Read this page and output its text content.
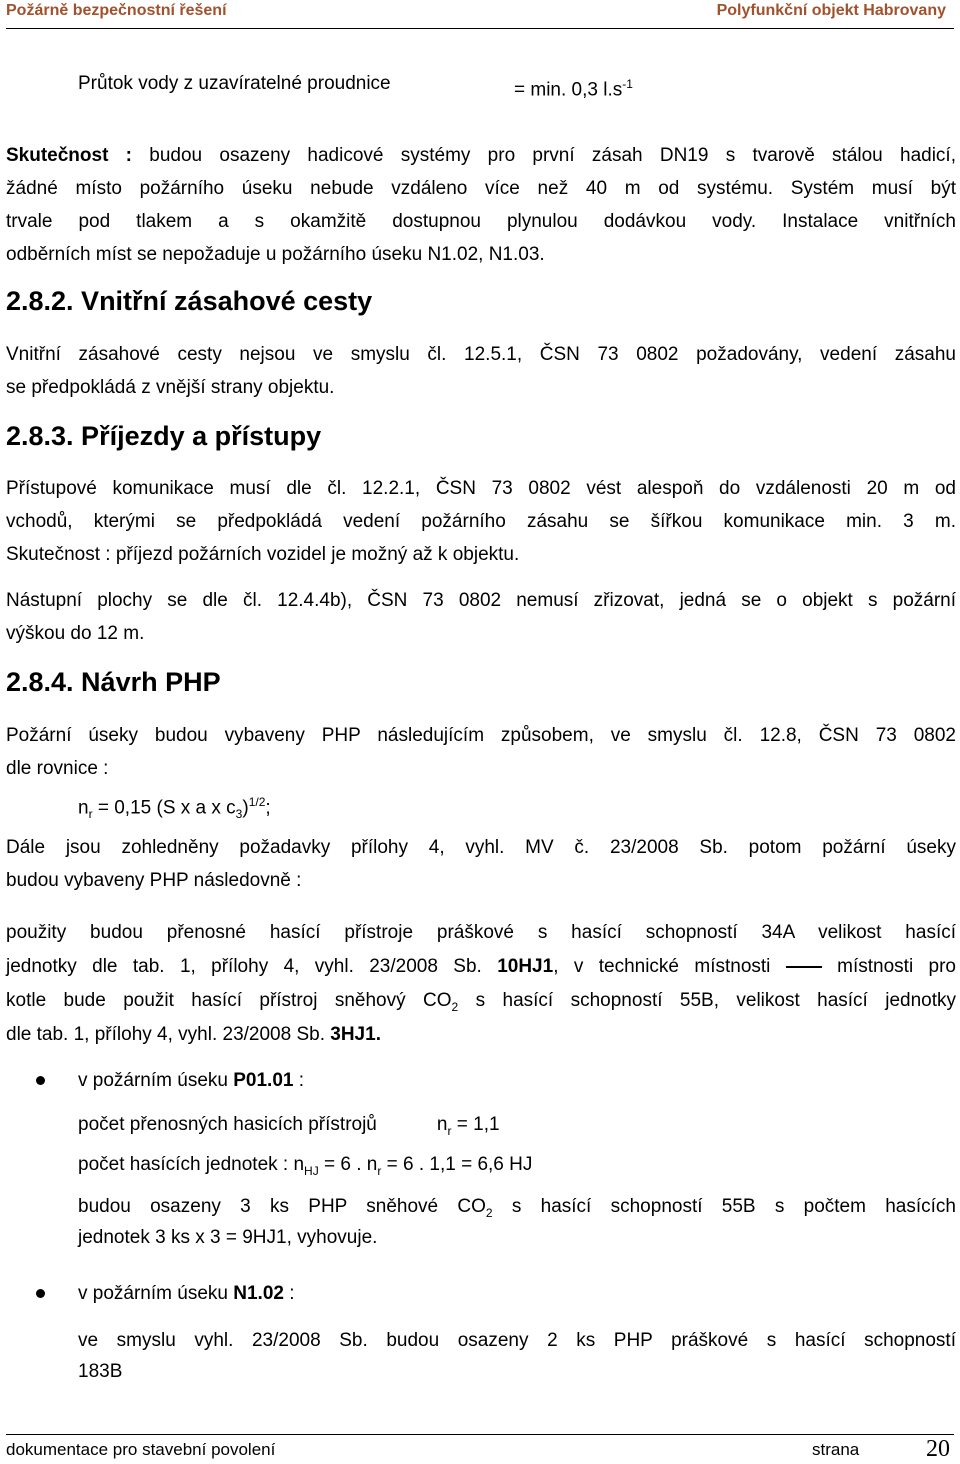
Požárně bezpečnostní řešení	Polyfunkční objekt Habrovany
Průtok vody z uzavíratelné proudnice	= min. 0,3 $l.s^{-1}$
Skutečnost : budou osazeny hadicové systémy pro první zásah DN19 s tvarově stálou hadicí,
žádné místo požárního úseku nebude vzdáleno více než 40 m od systému. Systém musí být
trvale pod tlakem a s okamžitě dostupnou plynulou dodávkou vody. Instalace vnitřních
odběrních míst se nepožaduje u požárního úseku N1.02, N1.03.
2.8.2. Vnitřní zásahové cesty
Vnitřní zásahové cesty nejsou ve smyslu čl. 12.5.1, ČSN 73 0802 požadovány, vedení zásahu
se předpokládá z vnější strany objektu.
2.8.3. Příjezdy a přístupy
Přístupové komunikace musí dle čl. 12.2.1, ČSN 73 0802 vést alespoň do vzdálenosti 20 m od
vchodů, kterými se předpokládá vedení požárního zásahu se šířkou komunikace min. 3 m.
Skutečnost : příjezd požárních vozidel je možný až k objektu.
Nástupní plochy se dle čl. 12.4.4b), ČSN 73 0802 nemusí zřizovat, jedná se o objekt s požární
výškou do 12 m.
2.8.4. Návrh PHP
Požární úseky budou vybaveny PHP následujícím způsobem, ve smyslu čl. 12.8, ČSN 73 0802
dle rovnice :
$n_r = 0,15$ (S x a x $c_3)^{1/2}$;
Dále jsou zohledněny požadavky přílohy 4, vyhl. MV č. 23/2008 Sb. potom požární úseky
budou vybaveny PHP následovně :
použity budou přenosné hasící přístroje práškové s hasící schopností 34A velikost hasící
jednotky dle tab. 1, přílohy 4, vyhl. 23/2008 Sb. 10HJ1, v technické místnosti  místnosti pro
kotle bude použit hasící přístroj sněhový $CO_2$ s hasící schopností 55B, velikost hasící jednotky
dle tab. 1, přílohy 4, vyhl. 23/2008 Sb. 3HJ1.
v požárním úseku P01.01 :
počet přenosných hasicích přístrojů	$n_r = 1,1$
počet hasících jednotek : $n_{HJ} = 6$ . $n_r = 6$ . 1,1 = 6,6 HJ
budou osazeny 3 ks PHP sněhové $CO_2$ s hasící schopností 55B s počtem hasících
jednotek 3 ks x 3 = 9HJ1, vyhovuje.
v požárním úseku N1.02 :
ve smyslu vyhl. 23/2008 Sb. budou osazeny 2 ks PHP práškové s hasící schopností
183B
dokumentace pro stavební povolení	strana	20
